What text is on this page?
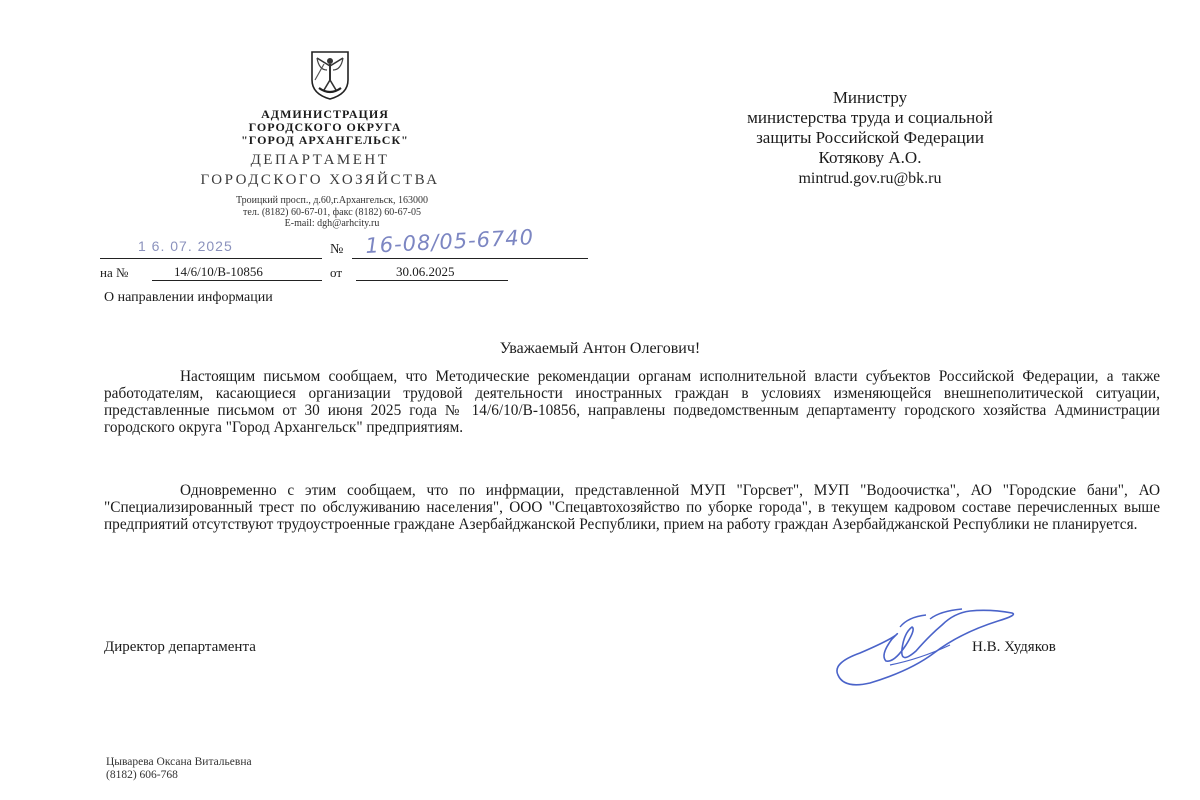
АДМИНИСТРАЦИЯ
ГОРОДСКОГО ОКРУГА
"ГОРОД АРХАНГЕЛЬСК"
ДЕПАРТАМЕНТ
ГОРОДСКОГО ХОЗЯЙСТВА
Троицкий просп., д.60,г.Архангельск, 163000
тел. (8182) 60-67-01, факс (8182) 60-67-05
E-mail: dgh@arhcity.ru
Министру
министерства труда и социальной
защиты Российской Федерации
Котякову А.О.
mintrud.gov.ru@bk.ru
1 6. 07. 2025	№ 16-08/05-6740
на №	14/6/10/В-10856	от	30.06.2025
О направлении информации
Уважаемый Антон Олегович!

Настоящим письмом сообщаем, что Методические рекомендации органам исполнительной власти субъектов Российской Федерации, а также работодателям, касающиеся организации трудовой деятельности иностранных граждан в условиях изменяющейся внешнеполитической ситуации, представленные письмом от 30 июня 2025 года № 14/6/10/В-10856, направлены подведомственным департаменту городского хозяйства Администрации городского округа "Город Архангельск" предприятиям.

Одновременно с этим сообщаем, что по инфрмации, представленной МУП "Горсвет", МУП "Водоочистка", АО "Городские бани", АО "Специализированный трест по обслуживанию населения", ООО "Спецавтохозяйство по уборке города", в текущем кадровом составе перечисленных выше предприятий отсутствуют трудоустроенные граждане Азербайджанской Республики, прием на работу граждан Азербайджанской Республики не планируется.

Директор департамента	Н.В. Худяков
Цыварева Оксана Витальевна
(8182) 606-768
